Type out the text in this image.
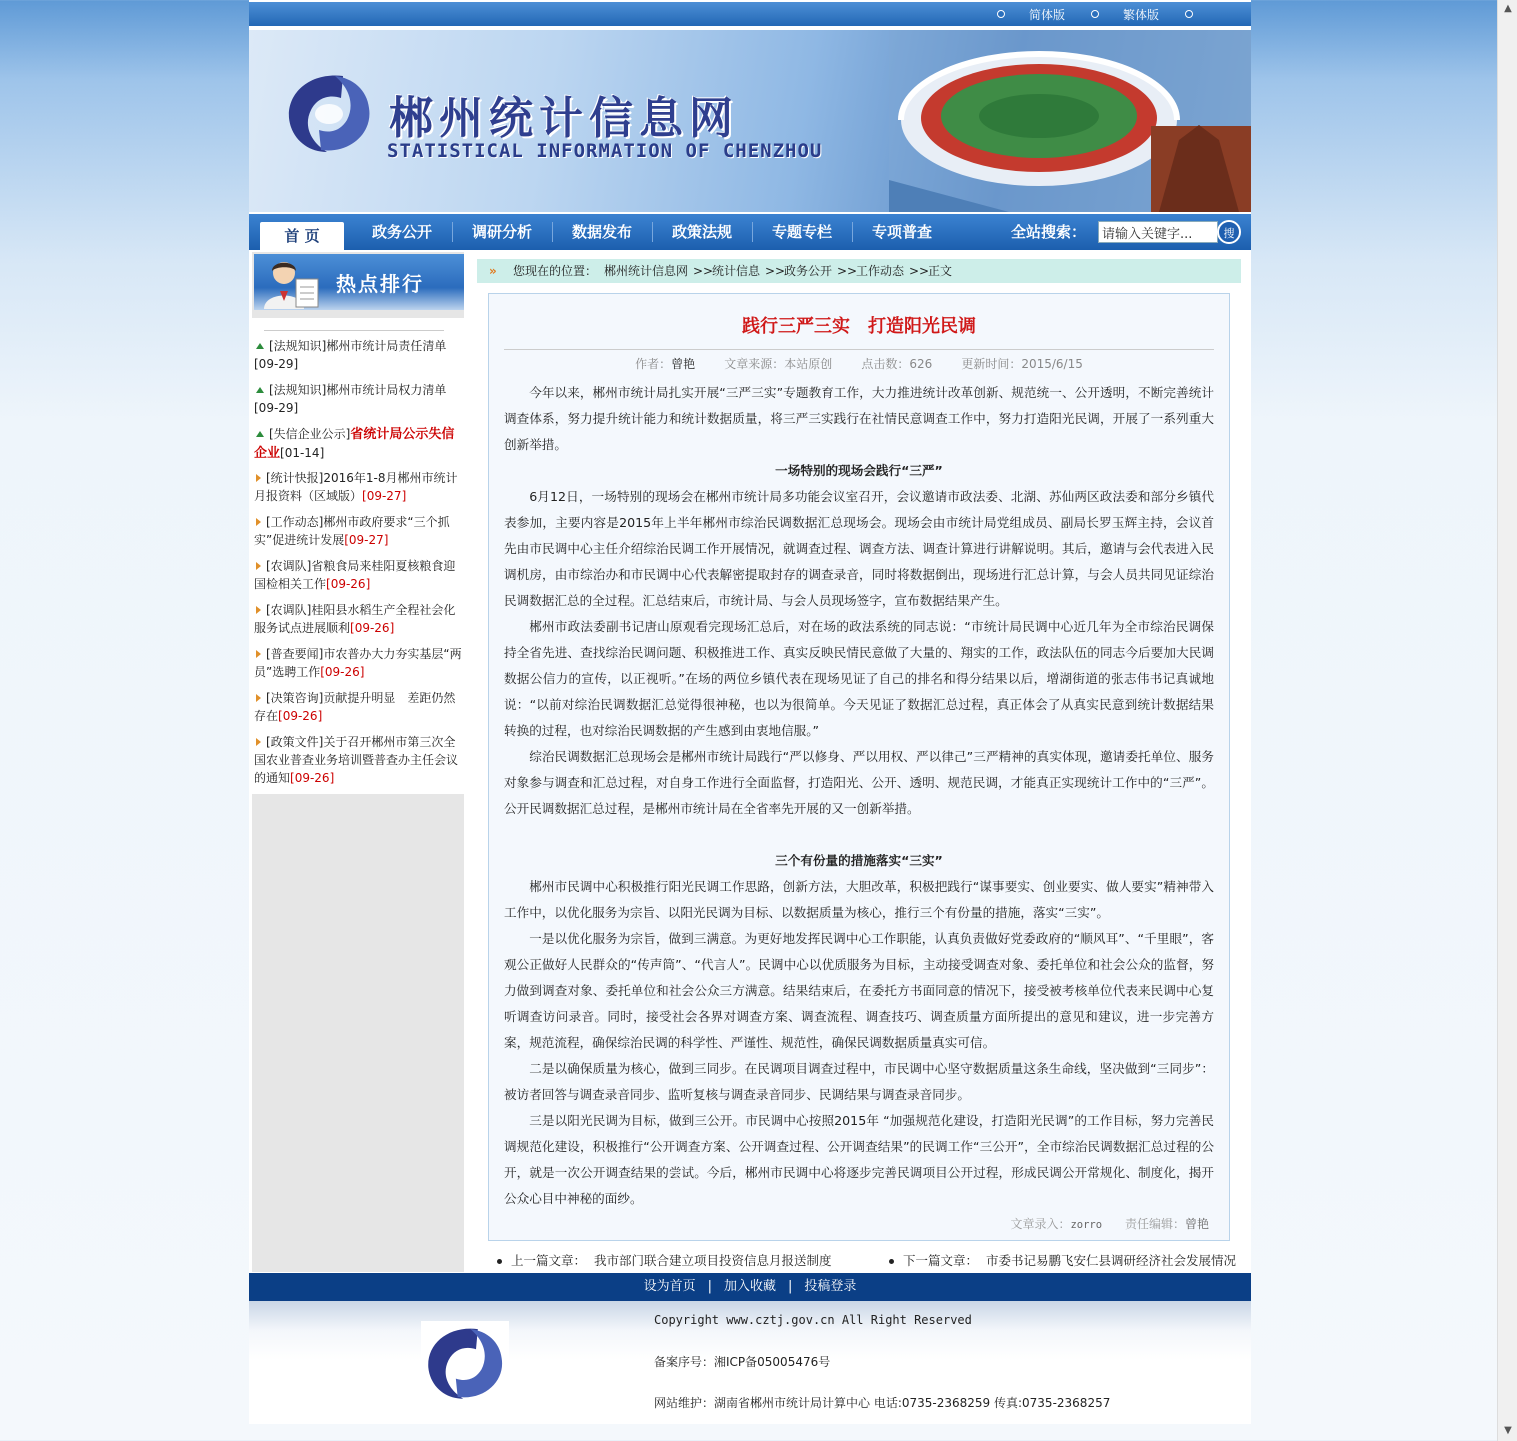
简体版	繁体版
郴州统计信息网
STATISTICAL INFORMATION OF CHENZHOU
首 页	政务公开	调研分析	数据发布	政策法规	专题专栏	专项普查	全站搜索：
请输入关键字...	搜
热点排行
[法规知识]郴州市统计局责任清单
[09-29]
[法规知识]郴州市统计局权力清单
[09-29]
[失信企业公示]省统计局公示失信企业[01-14]
[统计快报]2016年1-8月郴州市统计月报资料（区域版）[09-27]
[工作动态]郴州市政府要求“三个抓实”促进统计发展[09-27]
[农调队]省粮食局来桂阳夏核粮食迎国检相关工作[09-26]
[农调队]桂阳县水稻生产全程社会化服务试点进展顺利[09-26]
[普查要闻]市农普办大力夯实基层“两员”选聘工作[09-26]
[决策咨询]贡献提升明显　差距仍然存在[09-26]
[政策文件]关于召开郴州市第三次全国农业普查业务培训暨普查办主任会议的通知[09-26]
» 您现在的位置： 郴州统计信息网 >>
统计信息 >>
政务公开 >>
工作动态 >>
正文
践行三严三实　打造阳光民调
作者：曾艳 文章来源：本站原创 点击数：626 更新时间：2015/6/15

今年以来，郴州市统计局扎实开展“三严三实”专题教育工作，大力推进统计改革创新、规范统一、公开透明，不断完善统计调查体系，努力提升统计能力和统计数据质量，将三严三实践行在社情民意调查工作中，努力打造阳光民调，开展了一系列重大创新举措。

一场特别的现场会践行“三严”

6月12日，一场特别的现场会在郴州市统计局多功能会议室召开，会议邀请市政法委、北湖、苏仙两区政法委和部分乡镇代表参加，主要内容是2015年上半年郴州市综治民调数据汇总现场会。现场会由市统计局党组成员、副局长罗玉辉主持，会议首先由市民调中心主任介绍综治民调工作开展情况，就调查过程、调查方法、调查计算进行讲解说明。其后，邀请与会代表进入民调机房，由市综治办和市民调中心代表解密提取封存的调查录音，同时将数据倒出，现场进行汇总计算，与会人员共同见证综治民调数据汇总的全过程。汇总结束后，市统计局、与会人员现场签字，宣布数据结果产生。

郴州市政法委副书记唐山原观看完现场汇总后，对在场的政法系统的同志说：“市统计局民调中心近几年为全市综治民调保持全省先进、查找综治民调问题、积极推进工作、真实反映民情民意做了大量的、翔实的工作，政法队伍的同志今后要加大民调数据公信力的宣传，以正视听。”在场的两位乡镇代表在现场见证了自己的排名和得分结果以后，增湖街道的张志伟书记真诚地说：“以前对综治民调数据汇总觉得很神秘，也以为很简单。今天见证了数据汇总过程，真正体会了从真实民意到统计数据结果转换的过程，也对综治民调数据的产生感到由衷地信服。”

综治民调数据汇总现场会是郴州市统计局践行“严以修身、严以用权、严以律己”三严精神的真实体现，邀请委托单位、服务对象参与调查和汇总过程，对自身工作进行全面监督，打造阳光、公开、透明、规范民调，才能真正实现统计工作中的“三严”。公开民调数据汇总过程，是郴州市统计局在全省率先开展的又一创新举措。

三个有份量的措施落实“三实”

郴州市民调中心积极推行阳光民调工作思路，创新方法，大胆改革，积极把践行“谋事要实、创业要实、做人要实”精神带入工作中，以优化服务为宗旨、以阳光民调为目标、以数据质量为核心，推行三个有份量的措施，落实“三实”。

一是以优化服务为宗旨，做到三满意。为更好地发挥民调中心工作职能，认真负责做好党委政府的“顺风耳”、“千里眼”，客观公正做好人民群众的“传声筒”、“代言人”。民调中心以优质服务为目标，主动接受调查对象、委托单位和社会公众的监督，努力做到调查对象、委托单位和社会公众三方满意。结果结束后，在委托方书面同意的情况下，接受被考核单位代表来民调中心复听调查访问录音。同时，接受社会各界对调查方案、调查流程、调查技巧、调查质量方面所提出的意见和建议，进一步完善方案，规范流程，确保综治民调的科学性、严谨性、规范性，确保民调数据质量真实可信。

二是以确保质量为核心，做到三同步。在民调项目调查过程中，市民调中心坚守数据质量这条生命线，坚决做到“三同步”：被访者回答与调查录音同步、监听复核与调查录音同步、民调结果与调查录音同步。

三是以阳光民调为目标，做到三公开。市民调中心按照2015年 “加强规范化建设，打造阳光民调”的工作目标，努力完善民调规范化建设，积极推行“公开调查方案、公开调查过程、公开调查结果”的民调工作“三公开”，全市综治民调数据汇总过程的公开，就是一次公开调查结果的尝试。今后，郴州市民调中心将逐步完善民调项目公开过程，形成民调公开常规化、制度化，揭开公众心目中神秘的面纱。

文章录入：zorro 责任编辑：曾艳
上一篇文章： 我市部门联合建立项目投资信息月报送制度	下一篇文章： 市委书记易鹏飞安仁县调研经济社会发展情况
设为首页 | 加入收藏 | 投稿登录
Copyright www.cztj.gov.cn All Right Reserved
备案序号：湘ICP备05005476号
网站维护：湖南省郴州市统计局计算中心 电话:0735-2368259 传真:0735-2368257
▲
▼
